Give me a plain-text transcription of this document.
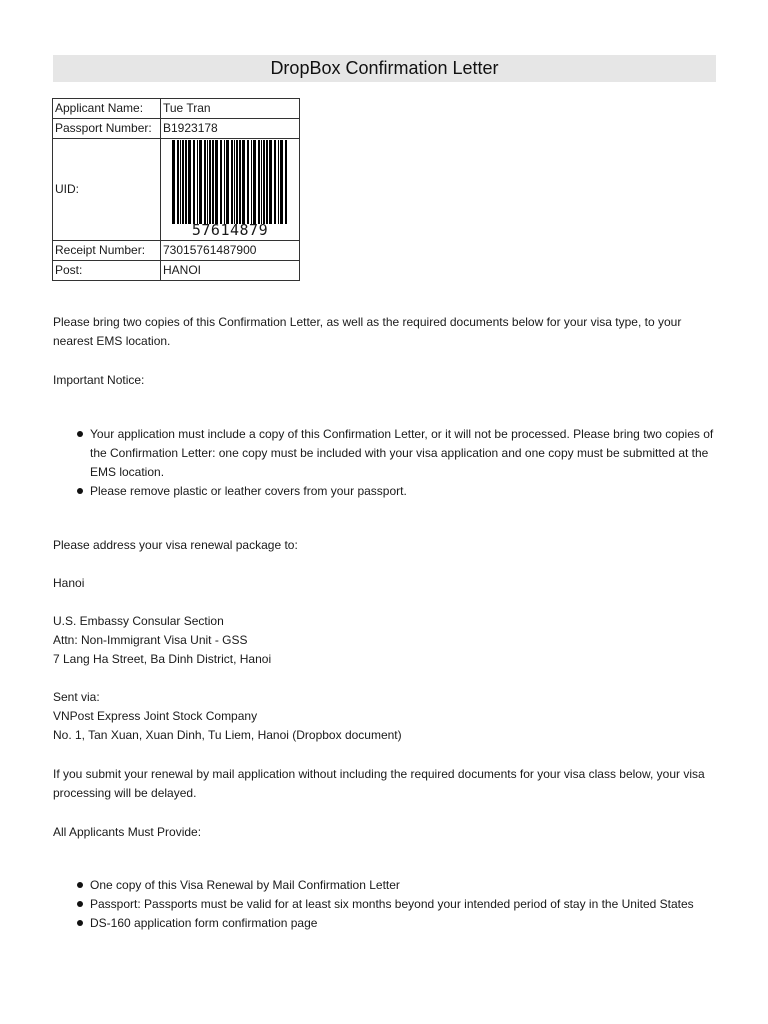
DropBox Confirmation Letter
Applicant Name:	Tue Tran
Passport Number:	B1923178
UID:	57614879

Receipt Number:	73015761487900
Post:	HANOI

Please bring two copies of this Confirmation Letter, as well as the required documents below for your visa type, to your nearest EMS location.

Important Notice:

Your application must include a copy of this Confirmation Letter, or it will not be processed. Please bring two copies of the Confirmation Letter: one copy must be included with your visa application and one copy must be submitted at the EMS location.
Please remove plastic or leather covers from your passport.

Please address your visa renewal package to:

Hanoi

U.S. Embassy Consular Section
Attn: Non-Immigrant Visa Unit - GSS
7 Lang Ha Street, Ba Dinh District, Hanoi
Sent via:
VNPost Express Joint Stock Company
No. 1, Tan Xuan, Xuan Dinh, Tu Liem, Hanoi (Dropbox document)

If you submit your renewal by mail application without including the required documents for your visa class below, your visa processing will be delayed.

All Applicants Must Provide:

One copy of this Visa Renewal by Mail Confirmation Letter
Passport: Passports must be valid for at least six months beyond your intended period of stay in the United States
DS-160 application form confirmation page
